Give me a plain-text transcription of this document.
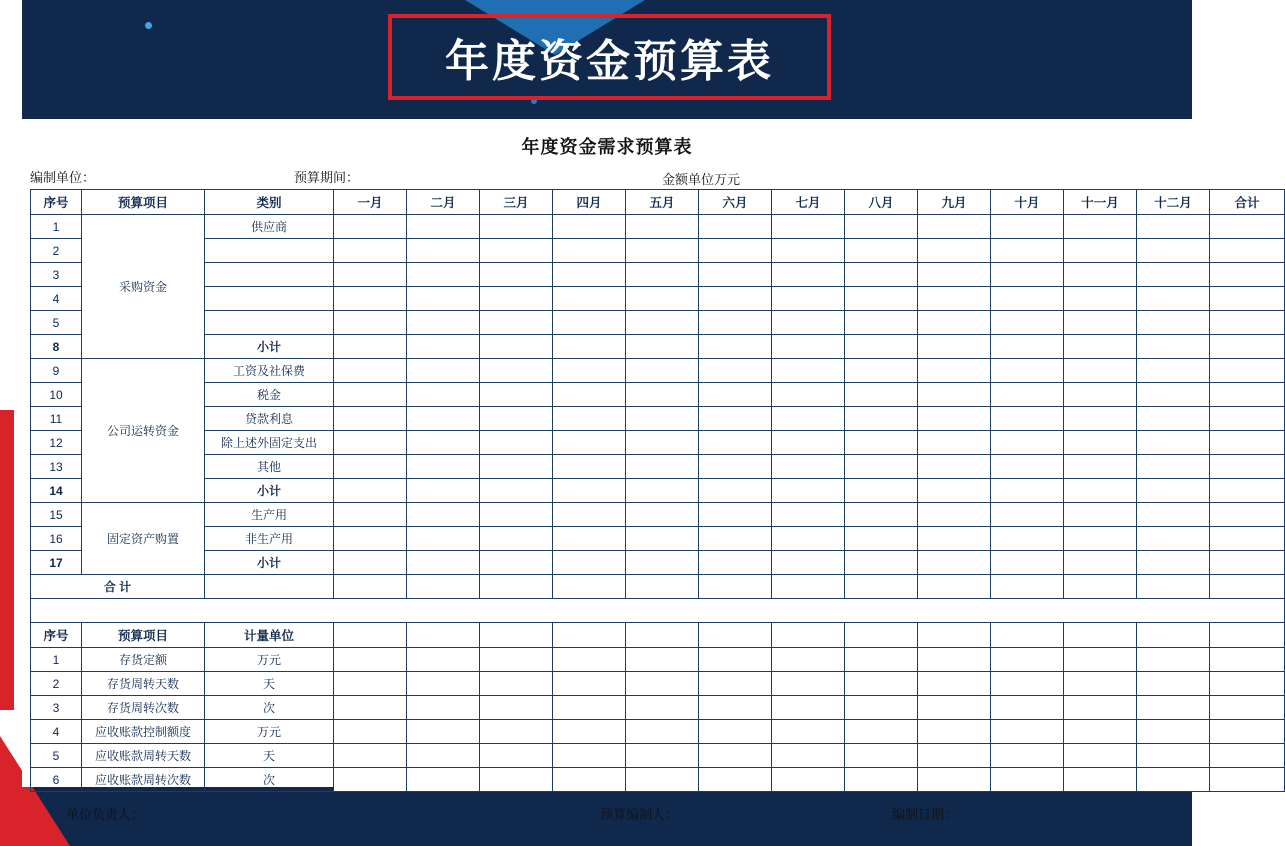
年度资金预算表
年度资金需求预算表
编制单位：	预算期间：	金额单位万元
序号	预算项目	类别	一月	二月	三月	四月	五月	六月	七月	八月	九月	十月	十一月	十二月	合计
1	采购资金	供应商													
2															
3															
4															
5															
8		小计													
9	公司运转资金	工资及社保费													
10		税金													
11		贷款利息													
12		除上述外固定支出													
13		其他													
14		小计													
15	固定资产购置	生产用													
16		非生产用													
17		小计													
合 计															

序号	预算项目	计量单位													
1	存货定额	万元													
2	存货周转天数	天													
3	存货周转次数	次													
4	应收账款控制额度	万元													
5	应收账款周转天数	天													
6	应收账款周转次数	次													
单位负责人：	预算编制人：	编制日期：
